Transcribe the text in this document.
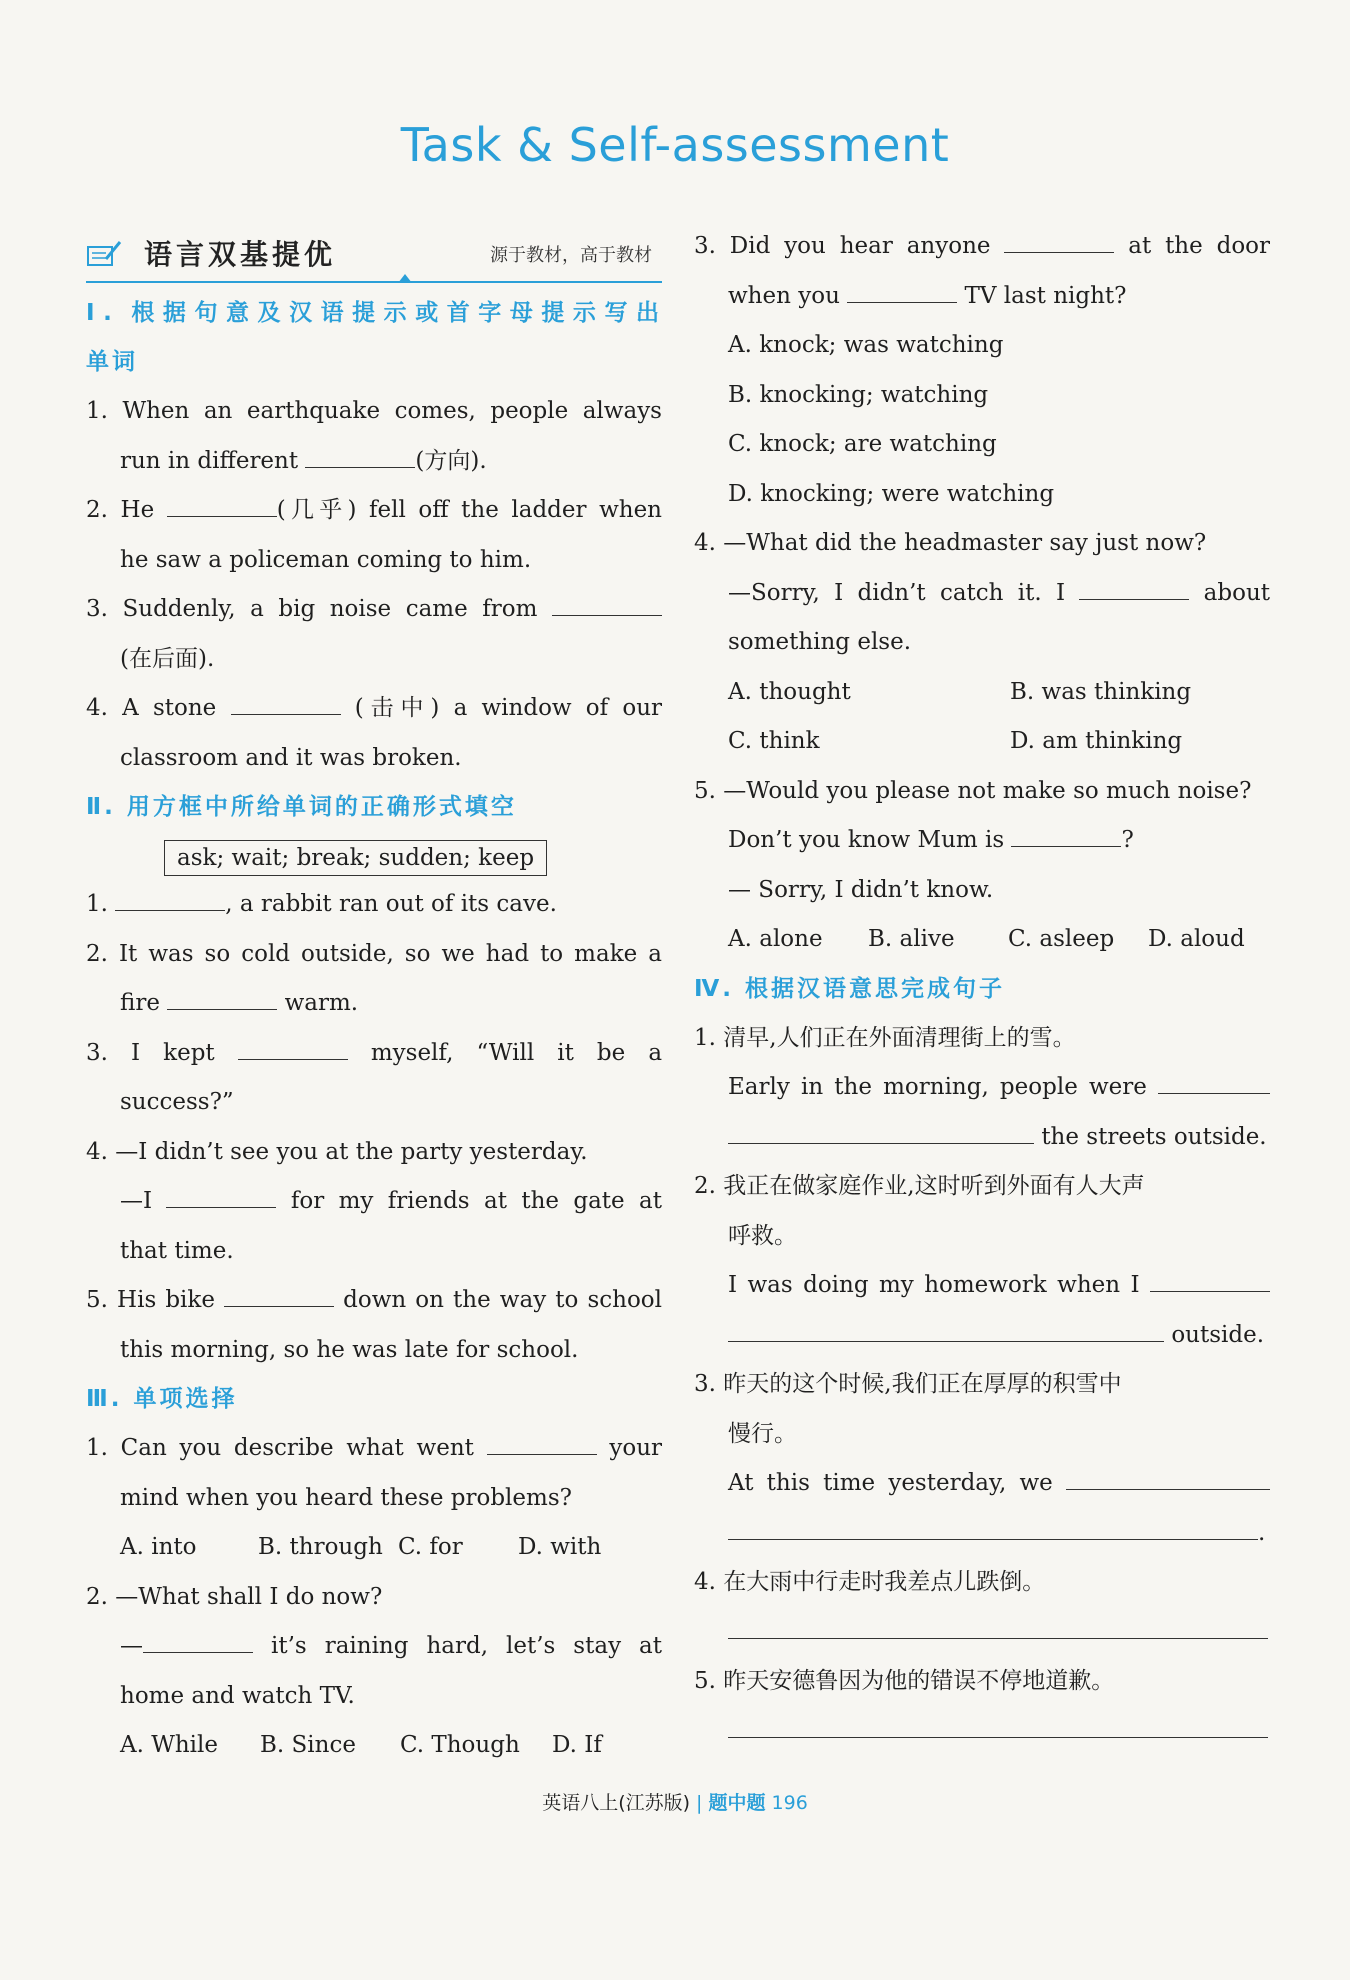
Task & Self-assessment
语言双基提优	源于教材，高于教材
Ⅰ. 根据句意及汉语提示或首字母提示写出
单词
1. When an earthquake comes, people always
run in different	(方向).
2. He	(几乎) fell off the ladder when
he saw a policeman coming to him.
3. Suddenly, a big noise came from
(在后面).
4. A stone	(击中) a window of our
classroom and it was broken.
Ⅱ. 用方框中所给单词的正确形式填空
ask; wait; break; sudden; keep
1.	, a rabbit ran out of its cave.
2. It was so cold outside, so we had to make a
fire	warm.
3. I kept	myself, “Will it be a
success?”
4. —I didn’t see you at the party yesterday.
—I	for my friends at the gate at
that time.
5. His bike	down on the way to school
this morning, so he was late for school.
Ⅲ. 单项选择
1. Can you describe what went	your
mind when you heard these problems?
A. into	B. through C. for D. with
2. —What shall I do now?
—	it’s raining hard, let’s stay at
home and watch TV.
A. While B. Since C. Though D. If
3. Did you hear anyone	at the door
when you	TV last night?
A. knock; was watching
B. knocking; watching
C. knock; are watching
D. knocking; were watching
4. —What did the headmaster say just now?
—Sorry, I didn’t catch it. I	about
something else.
A. thought	B. was thinking
C. think	D. am thinking
5. —Would you please not make so much noise?
Don’t you know Mum is	?
— Sorry, I didn’t know.
A. alone B. alive C. asleep D. aloud
Ⅳ. 根据汉语意思完成句子
1. 清早,人们正在外面清理街上的雪。
Early in the morning, people were
the streets outside.
2. 我正在做家庭作业,这时听到外面有人大声
呼救。
I was doing my homework when I
outside.
3. 昨天的这个时候,我们正在厚厚的积雪中
慢行。
At this time yesterday, we
.
4. 在大雨中行走时我差点儿跌倒。
5. 昨天安德鲁因为他的错误不停地道歉。
英语八上(江苏版) | 题中题 196
